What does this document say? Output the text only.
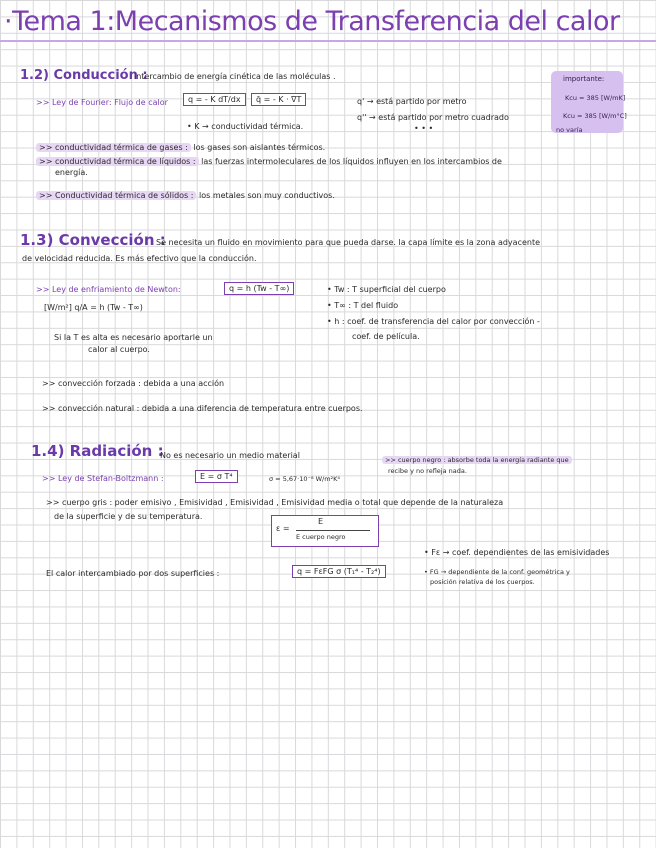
·Tema 1:Mecanismos de Transferencia del calor
importante:
Kcu = 385 [W/mK]
Kcu = 385 [W/m°C]
no varía
1.2) Conducción :
intercambio de energía cinética de las moléculas .
>> Ley de Fourier: Flujo de calor	q = - K dT/dx	q̄ = - K · ∇T
• K → conductividad térmica.
q' → está partido por metro
q'' → está partido por metro cuadrado
• • •
>> conductividad térmica de gases : los gases son aislantes térmicos.
>> conductividad térmica de líquidos : las fuerzas intermoleculares de los líquidos influyen en los intercambios de
energía.
>> Conductividad térmica de sólidos : los metales son muy conductivos.
1.3) Convección :
Se necesita un fluido en movimiento para que pueda darse. la capa límite es la zona adyacente
de velocidad reducida. Es más efectivo que la conducción.
>> Ley de enfriamiento de Newton:	q = h (Tw - T∞)
[W/m²] q/A = h (Tw - T∞)
• Tw : T superficial del cuerpo
• T∞ : T del fluido
• h : coef. de transferencia del calor por convección -
coef. de película.
Si la T es alta es necesario aportarle un
calor al cuerpo.
>> convección forzada : debida a una acción
>> convección natural : debida a una diferencia de temperatura entre cuerpos.
1.4) Radiación :
No es necesario un medio material	>> cuerpo negro : absorbe toda la energía radiante que
recibe y no refleja nada.
>> Ley de Stefan-Boltzmann :	E = σ T⁴	σ = 5,67·10⁻⁸ W/m²K⁴
>> cuerpo gris : poder emisivo , Emisividad , Emisividad , Emisividad media o total que depende de la naturaleza
de la superficie y de su temperatura.
ε =
E
E cuerpo negro
El calor intercambiado por dos superficies :	q = FεFG σ (T₁⁴ - T₂⁴)
• Fε → coef. dependientes de las emisividades
• FG → dependiente de la conf. geométrica y
posición relativa de los cuerpos.
